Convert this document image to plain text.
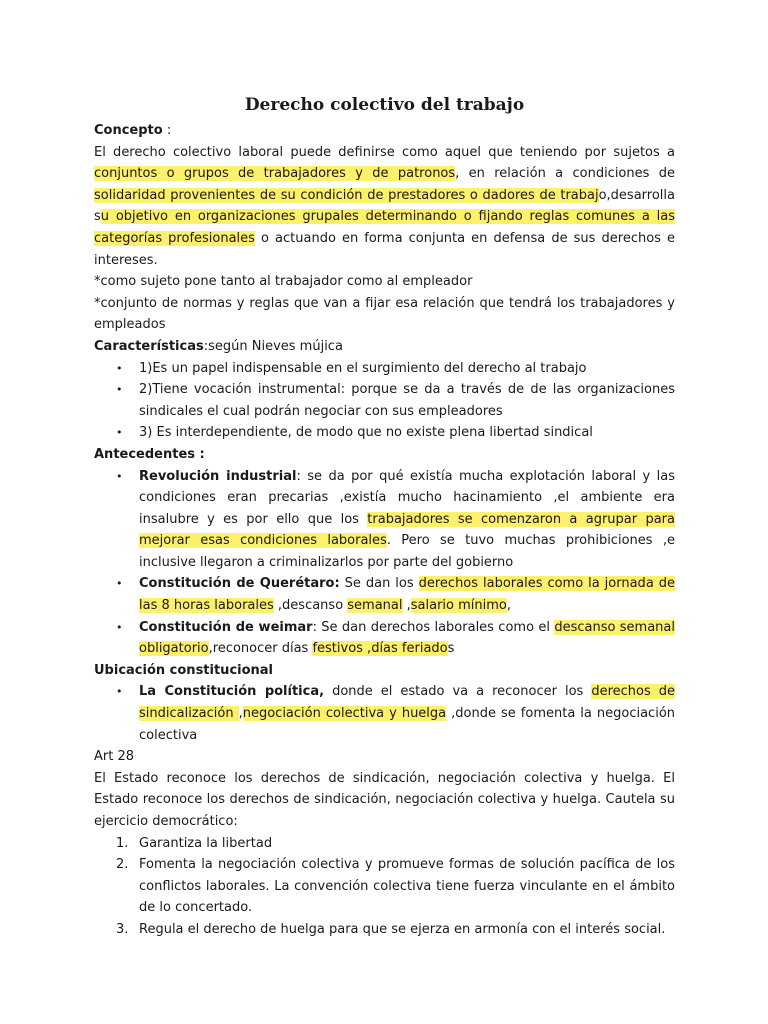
Derecho colectivo del trabajo

Concepto :

El derecho colectivo laboral puede definirse como aquel que teniendo por sujetos a conjuntos o grupos de trabajadores y de patronos, en relación a condiciones de solidaridad provenientes de su condición de prestadores o dadores de trabajo,desarrolla su objetivo en organizaciones grupales determinando o fijando reglas comunes a las categorías profesionales o actuando en forma conjunta en defensa de sus derechos e intereses.

*como sujeto pone tanto al trabajador como al empleador

*conjunto de normas y reglas que van a fijar esa relación que tendrá los trabajadores y empleados

Características:según Nieves mújica

• 1)Es un papel indispensable en el surgimiento del derecho al trabajo
• 2)Tiene vocación instrumental: porque se da a través de de las organizaciones sindicales el cual podrán negociar con sus empleadores
• 3) Es interdependiente, de modo que no existe plena libertad sindical

Antecedentes :

• Revolución industrial: se da por qué existía mucha explotación laboral y las condiciones eran precarias ,existía mucho hacinamiento ,el ambiente era insalubre y es por ello que los trabajadores se comenzaron a agrupar para mejorar esas condiciones laborales. Pero se tuvo muchas prohibiciones ,e inclusive llegaron a criminalizarlos por parte del gobierno
• Constitución de Querétaro: Se dan los derechos laborales como la jornada de las 8 horas laborales ,descanso semanal ,salario mínimo,
• Constitución de weimar: Se dan derechos laborales como el descanso semanal obligatorio,reconocer días festivos ,días feriados

Ubicación constitucional

• La Constitución política, donde el estado va a reconocer los derechos de sindicalización ,negociación colectiva y huelga ,donde se fomenta la negociación colectiva

Art 28

El Estado reconoce los derechos de sindicación, negociación colectiva y huelga. El Estado reconoce los derechos de sindicación, negociación colectiva y huelga. Cautela su ejercicio democrático:

1. Garantiza la libertad
2. Fomenta la negociación colectiva y promueve formas de solución pacífica de los conflictos laborales. La convención colectiva tiene fuerza vinculante en el ámbito de lo concertado.
3. Regula el derecho de huelga para que se ejerza en armonía con el interés social.
